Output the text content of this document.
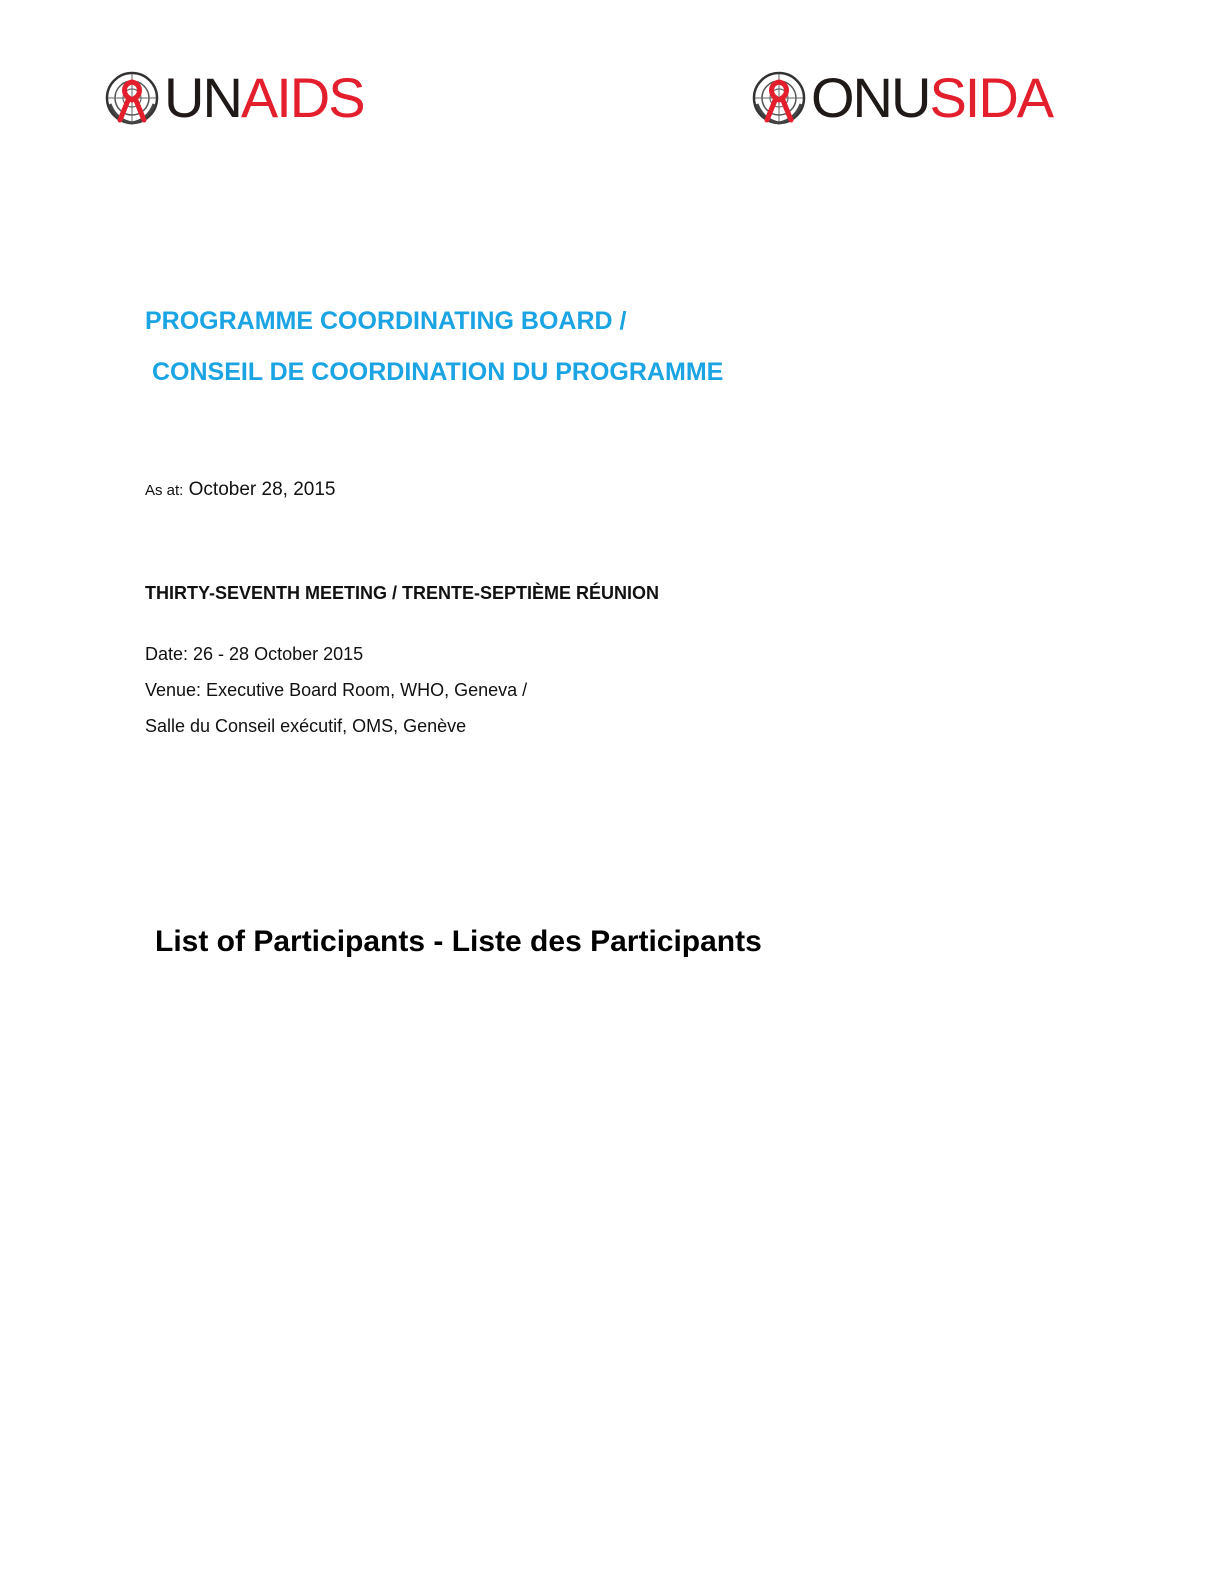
UNAIDS	ONUSIDA
PROGRAMME COORDINATING BOARD /
CONSEIL DE COORDINATION DU PROGRAMME
As at: October 28, 2015
THIRTY-SEVENTH MEETING / TRENTE-SEPTIÈME RÉUNION
Date: 26 - 28 October 2015
Venue: Executive Board Room, WHO, Geneva /
Salle du Conseil exécutif, OMS, Genève
List of Participants - Liste des Participants
